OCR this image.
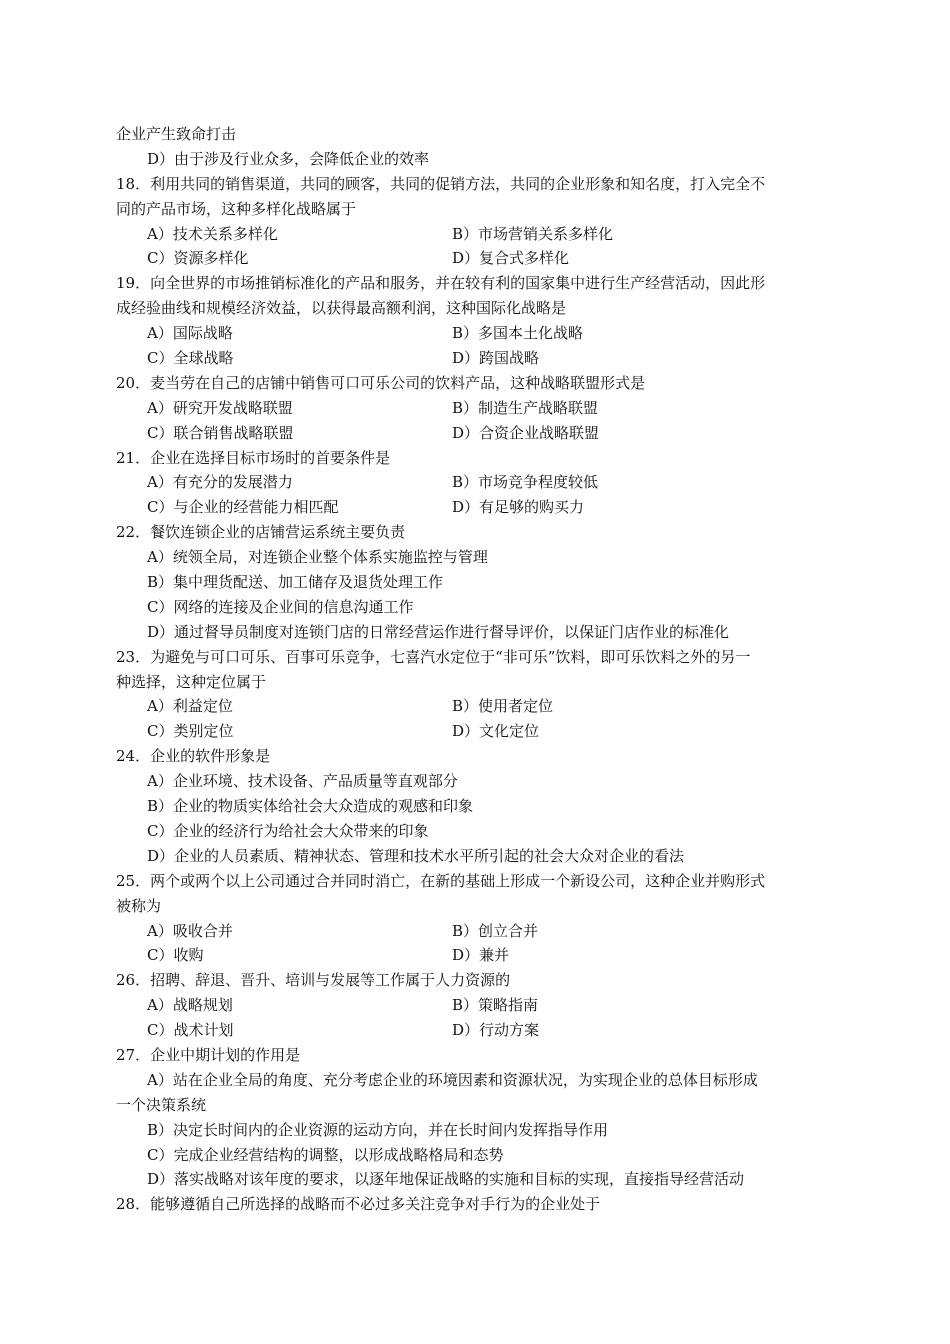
企业产生致命打击
D）由于涉及行业众多，会降低企业的效率
18．利用共同的销售渠道，共同的顾客，共同的促销方法，共同的企业形象和知名度，打入完全不
同的产品市场，这种多样化战略属于
A）技术关系多样化	B）市场营销关系多样化
C）资源多样化	D）复合式多样化
19．向全世界的市场推销标准化的产品和服务，并在较有利的国家集中进行生产经营活动，因此形
成经验曲线和规模经济效益，以获得最高额利润，这种国际化战略是
A）国际战略	B）多国本土化战略
C）全球战略	D）跨国战略
20．麦当劳在自己的店铺中销售可口可乐公司的饮料产品，这种战略联盟形式是
A）研究开发战略联盟	B）制造生产战略联盟
C）联合销售战略联盟	D）合资企业战略联盟
21．企业在选择目标市场时的首要条件是
A）有充分的发展潜力	B）市场竞争程度较低
C）与企业的经营能力相匹配	D）有足够的购买力
22．餐饮连锁企业的店铺营运系统主要负责
A）统领全局，对连锁企业整个体系实施监控与管理
B）集中理货配送、加工储存及退货处理工作
C）网络的连接及企业间的信息沟通工作
D）通过督导员制度对连锁门店的日常经营运作进行督导评价，以保证门店作业的标准化
23．为避免与可口可乐、百事可乐竞争，七喜汽水定位于“非可乐”饮料，即可乐饮料之外的另一
种选择，这种定位属于
A）利益定位	B）使用者定位
C）类别定位	D）文化定位
24．企业的软件形象是
A）企业环境、技术设备、产品质量等直观部分
B）企业的物质实体给社会大众造成的观感和印象
C）企业的经济行为给社会大众带来的印象
D）企业的人员素质、精神状态、管理和技术水平所引起的社会大众对企业的看法
25．两个或两个以上公司通过合并同时消亡，在新的基础上形成一个新设公司，这种企业并购形式
被称为
A）吸收合并	B）创立合并
C）收购	D）兼并
26．招聘、辞退、晋升、培训与发展等工作属于人力资源的
A）战略规划	B）策略指南
C）战术计划	D）行动方案
27．企业中期计划的作用是
A）站在企业全局的角度、充分考虑企业的环境因素和资源状况，为实现企业的总体目标形成
一个决策系统
B）决定长时间内的企业资源的运动方向，并在长时间内发挥指导作用
C）完成企业经营结构的调整，以形成战略格局和态势
D）落实战略对该年度的要求，以逐年地保证战略的实施和目标的实现，直接指导经营活动
28．能够遵循自己所选择的战略而不必过多关注竞争对手行为的企业处于
